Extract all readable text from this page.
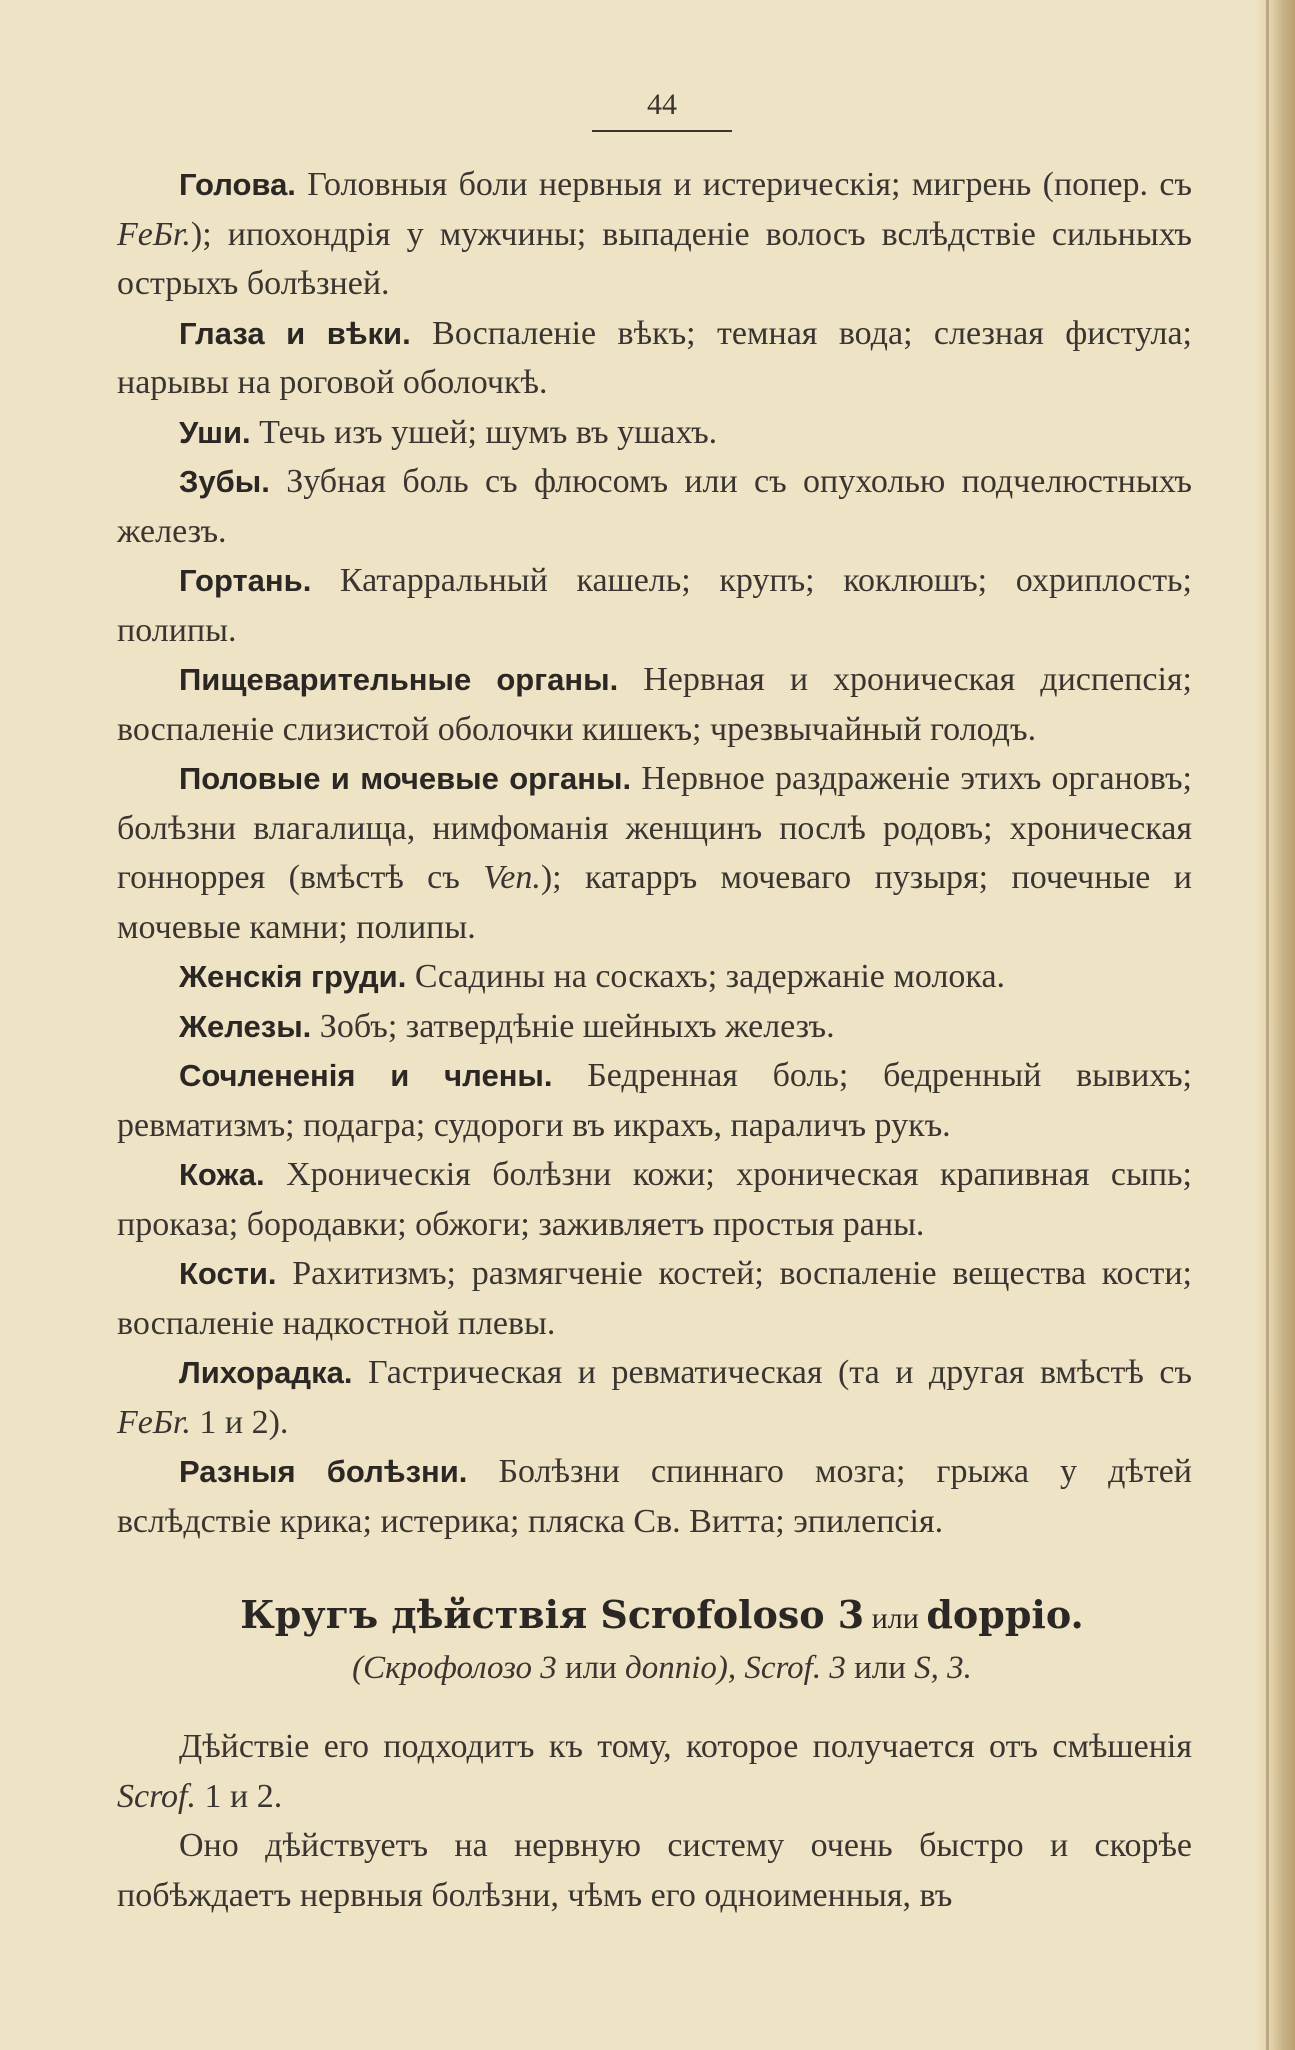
44

Голова. Головныя боли нервныя и истерическія; мигрень (попер. съ FeБr.); ипохондрія у мужчины; выпаденіе волосъ вслѣдствіе сильныхъ острыхъ болѣзней.

Глаза и вѣки. Воспаленіе вѣкъ; темная вода; слезная фистула; нарывы на роговой оболочкѣ.

Уши. Течь изъ ушей; шумъ въ ушахъ.

Зубы. Зубная боль съ флюсомъ или съ опухолью подчелюстныхъ железъ.

Гортань. Катарральный кашель; крупъ; коклюшъ; охриплость; полипы.

Пищеварительные органы. Нервная и хроническая диспепсія; воспаленіе слизистой оболочки кишекъ; чрезвычайный голодъ.

Половые и мочевые органы. Нервное раздраженіе этихъ органовъ; болѣзни влагалища, нимфоманія женщинъ послѣ родовъ; хроническая гонноррея (вмѣстѣ съ Ven.); катарръ мочеваго пузыря; почечные и мочевые камни; полипы.

Женскія груди. Ссадины на соскахъ; задержаніе молока.

Железы. Зобъ; затвердѣніе шейныхъ железъ.

Сочлененія и члены. Бедренная боль; бедренный вывихъ; ревматизмъ; подагра; судороги въ икрахъ, параличъ рукъ.

Кожа. Хроническія болѣзни кожи; хроническая крапивная сыпь; проказа; бородавки; обжоги; заживляетъ простыя раны.

Кости. Рахитизмъ; размягченіе костей; воспаленіе вещества кости; воспаленіе надкостной плевы.

Лихорадка. Гастрическая и ревматическая (та и другая вмѣстѣ съ FeБr. 1 и 2).

Разныя болѣзни. Болѣзни спиннаго мозга; грыжа у дѣтей вслѣдствіе крика; истерика; пляска Св. Витта; эпилепсія.

Кругъ дѣйствія Scrofoloso 3 или doppio.
(Скрофолозо 3 или доппіо), Scrof. 3 или S, 3.

Дѣйствіе его подходитъ къ тому, которое получается отъ смѣшенія Scrof. 1 и 2.

Оно дѣйствуетъ на нервную систему очень быстро и скорѣе побѣждаетъ нервныя болѣзни, чѣмъ его одноименныя, въ
